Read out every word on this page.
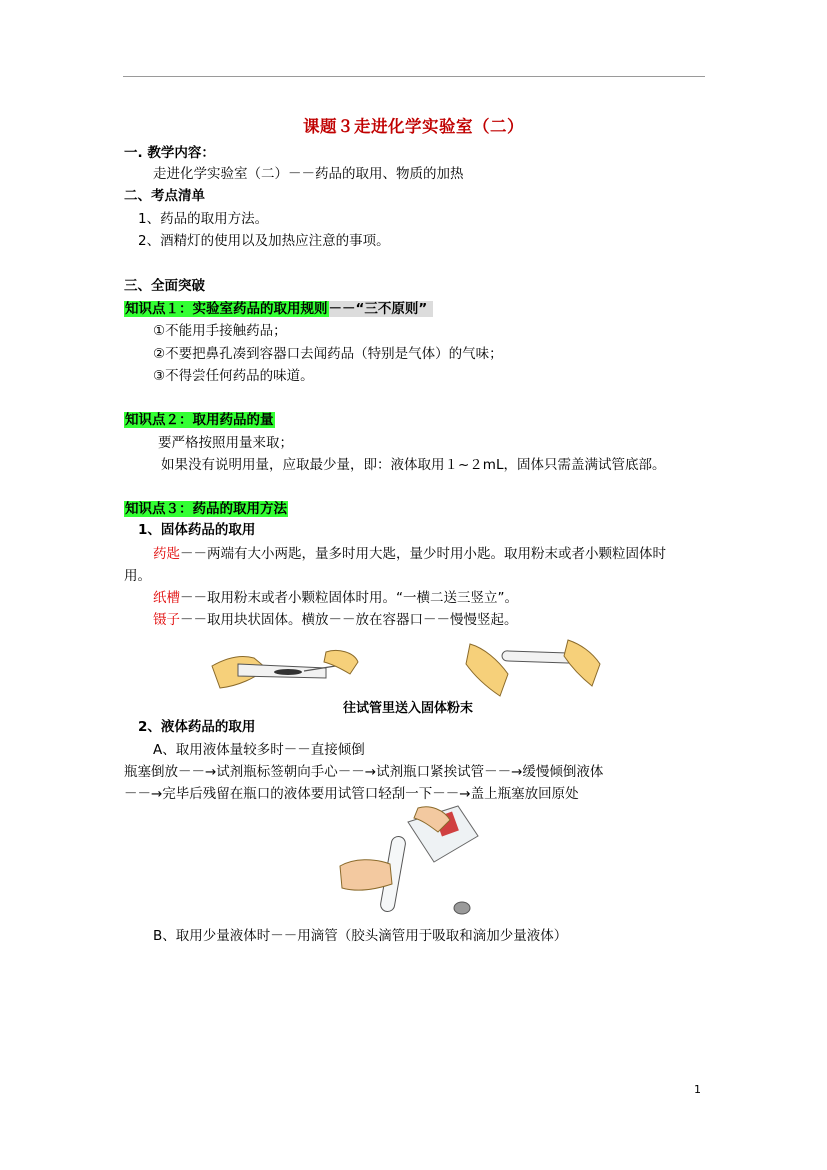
课题３走进化学实验室（二）
一. 教学内容：
走进化学实验室（二）－－药品的取用、物质的加热
二、考点清单
1、药品的取用方法。
2、酒精灯的使用以及加热应注意的事项。
三、全面突破
知识点１：实验室药品的取用规则－－“三不原则”
①不能用手接触药品；
②不要把鼻孔凑到容器口去闻药品（特别是气体）的气味；
③不得尝任何药品的味道。
知识点２：取用药品的量
要严格按照用量来取；
如果没有说明用量，应取最少量，即：液体取用１~２mL，固体只需盖满试管底部。
知识点３：药品的取用方法
1、固体药品的取用
药匙－－两端有大小两匙，量多时用大匙，量少时用小匙。取用粉末或者小颗粒固体时
用。
纸槽－－取用粉末或者小颗粒固体时用。“一横二送三竖立”。
镊子－－取用块状固体。横放－－放在容器口－－慢慢竖起。
往试管里送入固体粉末
2、液体药品的取用
A、取用液体量较多时－－直接倾倒
瓶塞倒放－－→试剂瓶标签朝向手心－－→试剂瓶口紧挨试管－－→缓慢倾倒液体
－－→完毕后残留在瓶口的液体要用试管口轻刮一下－－→盖上瓶塞放回原处
B、取用少量液体时－－用滴管（胶头滴管用于吸取和滴加少量液体）
1
